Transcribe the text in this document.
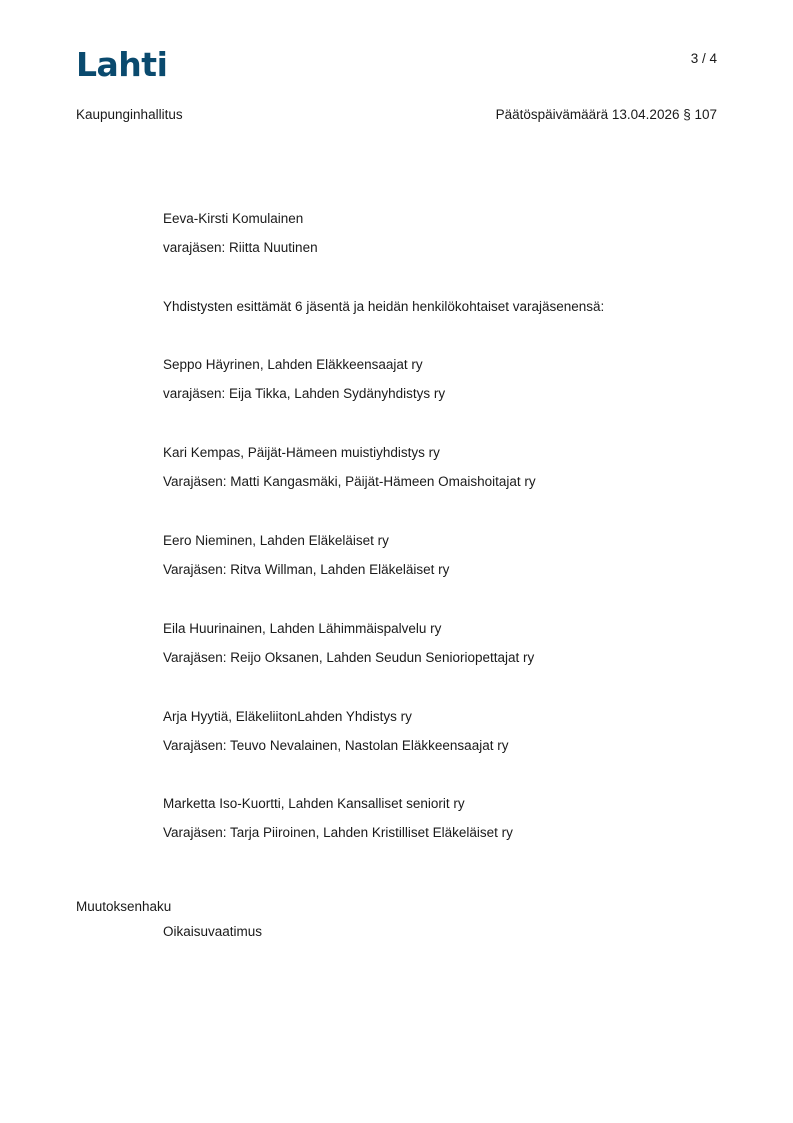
Lahti	3 / 4
Kaupunginhallitus	Päätöspäivämäärä 13.04.2026 § 107
Eeva-Kirsti Komulainen
varajäsen: Riitta Nuutinen
Yhdistysten esittämät 6 jäsentä ja heidän henkilökohtaiset varajäsenensä:
Seppo Häyrinen, Lahden Eläkkeensaajat ry
varajäsen: Eija Tikka, Lahden Sydänyhdistys ry
Kari Kempas, Päijät-Hämeen muistiyhdistys ry
Varajäsen: Matti Kangasmäki, Päijät-Hämeen Omaishoitajat ry
Eero Nieminen, Lahden Eläkeläiset ry
Varajäsen: Ritva Willman, Lahden Eläkeläiset ry
Eila Huurinainen, Lahden Lähimmäispalvelu ry
Varajäsen: Reijo Oksanen, Lahden Seudun Senioriopettajat ry
Arja Hyytiä, EläkeliitonLahden Yhdistys ry
Varajäsen: Teuvo Nevalainen, Nastolan Eläkkeensaajat ry
Marketta Iso-Kuortti, Lahden Kansalliset seniorit ry
Varajäsen: Tarja Piiroinen, Lahden Kristilliset Eläkeläiset ry
Muutoksenhaku
Oikaisuvaatimus
